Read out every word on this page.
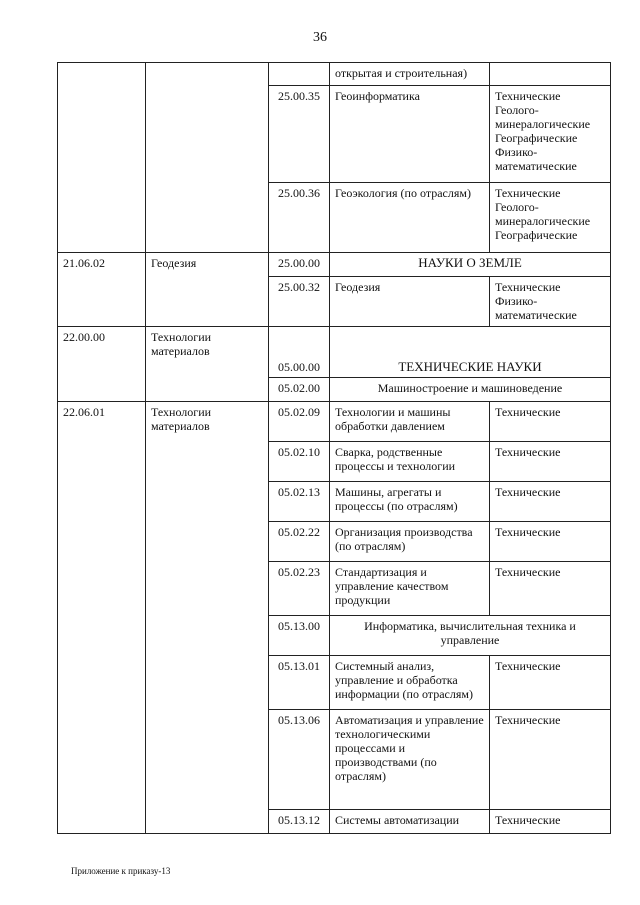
36
			открытая и строительная)	
		25.00.35	Геоинформатика	Технические
Геолого-минералогические
Географические
Физико-математические
		25.00.36	Геоэкология (по отраслям)	Технические
Геолого-минералогические
Географические
21.06.02	Геодезия	25.00.00	НАУКИ О ЗЕМЛЕ	
		25.00.32	Геодезия	Технические
Физико-математические
22.00.00	Технологии материалов	05.00.00	ТЕХНИЧЕСКИЕ НАУКИ	
		05.02.00	Машиностроение и машиноведение	
22.06.01	Технологии материалов	05.02.09	Технологии и машины обработки давлением	Технические
		05.02.10	Сварка, родственные процессы и технологии	Технические
		05.02.13	Машины, агрегаты и процессы (по отраслям)	Технические
		05.02.22	Организация производства (по отраслям)	Технические
		05.02.23	Стандартизация и управление качеством продукции	Технические
		05.13.00	Информатика, вычислительная техника и управление	
		05.13.01	Системный анализ, управление и обработка информации (по отраслям)	Технические
		05.13.06	Автоматизация и управление технологическими процессами и производствами (по отраслям)	Технические
		05.13.12	Системы автоматизации	Технические
Приложение к приказу-13
